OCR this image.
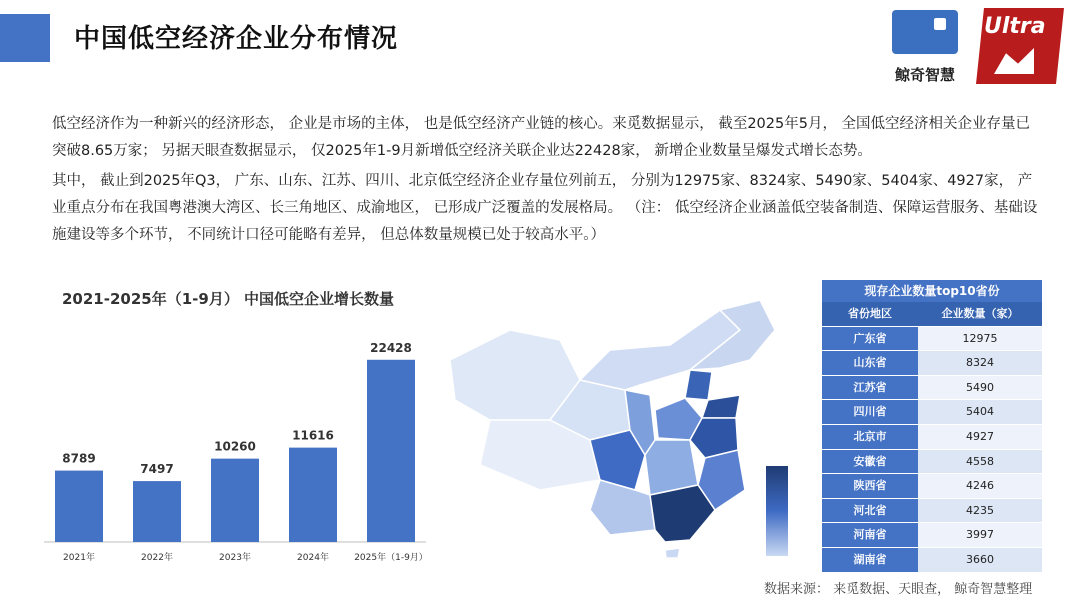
中国低空经济企业分布情况
鲸奇智慧
Ultra
低空经济作为一种新兴的经济形态， 企业是市场的主体， 也是低空经济产业链的核心。来觅数据显示， 截至2025年5月， 全国低空经济相关企业存量已突破8.65万家； 另据天眼查数据显示， 仅2025年1-9月新增低空经济关联企业达22428家， 新增企业数量呈爆发式增长态势。
其中， 截止到2025年Q3， 广东、山东、江苏、四川、北京低空经济企业存量位列前五， 分别为12975家、8324家、5490家、5404家、4927家， 产业重点分布在我国粤港澳大湾区、长三角地区、成渝地区， 已形成广泛覆盖的发展格局。 （注： 低空经济企业涵盖低空装备制造、保障运营服务、基础设施建设等多个环节， 不同统计口径可能略有差异， 但总体数量规模已处于较高水平。）
2021-2025年（1-9月） 中国低空企业增长数量
8789
2021年
7497
2022年
10260
2023年
11616
2024年
22428
2025年（1-9月）
现存企业数量top10省份
省份地区	企业数量（家）
广东省	12975
山东省	8324
江苏省	5490
四川省	5404
北京市	4927
安徽省	4558
陕西省	4246
河北省	4235
河南省	3997
湖南省	3660
数据来源： 来觅数据、天眼查， 鲸奇智慧整理
